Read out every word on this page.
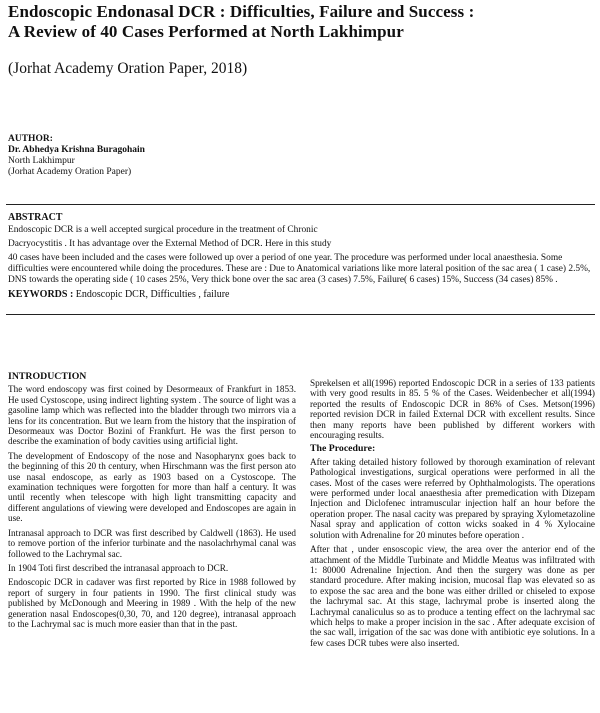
Endoscopic Endonasal DCR : Difficulties, Failure and Success :
A Review of 40 Cases Performed at North Lakhimpur
(Jorhat Academy Oration Paper, 2018)
AUTHOR:
Dr. Abhedya Krishna Buragohain
North Lakhimpur
(Jorhat Academy Oration Paper)
ABSTRACT

Endoscopic DCR is a well accepted surgical procedure in the treatment of Chronic

Dacryocystitis . It has advantage over the External Method of DCR. Here in this study

40 cases have been included and the cases were followed up over a period of one year. The procedure was performed under local anaesthesia. Some difficulties were encountered while doing the procedures. These are : Due to Anatomical variations like more lateral position of the sac area ( 1 case) 2.5%, DNS towards the operating side ( 10 cases 25%, Very thick bone over the sac area (3 cases) 7.5%, Failure( 6 cases) 15%, Success (34 cases) 85% .

KEYWORDS : Endoscopic DCR, Difficulties , failure
INTRODUCTION

The word endoscopy was first coined by Desormeaux of Frankfurt in 1853. He used Cystoscope, using indirect lighting system . The source of light was a gasoline lamp which was reflected into the bladder through two mirrors via a lens for its concentration. But we learn from the history that the inspiration of Desormeaux was Doctor Bozini of Frankfurt. He was the first person to describe the examination of body cavities using artificial light.

The development of Endoscopy of the nose and Nasopharynx goes back to the beginning of this 20 th century, when Hirschmann was the first person ato use nasal endoscope, as early as 1903 based on a Cystoscope. The examination techniques were forgotten for more than half a century. It was until recently when telescope with high light transmitting capacity and different angulations of viewing were developed and Endoscopes are again in use.

Intranasal approach to DCR was first described by Caldwell (1863). He used to remove portion of the inferior turbinate and the nasolachrhymal canal was followed to the Lachrymal sac.

In 1904 Toti first described the intranasal approach to DCR.

Endoscopic DCR in cadaver was first reported by Rice in 1988 followed by report of surgery in four patients in 1990. The first clinical study was published by McDonough and Meering in 1989 . With the help of the new generation nasal Endoscopes(0,30, 70, and 120 degree), intranasal approach to the Lachrymal sac is much more easier than that in the past.

Sprekelsen et all(1996) reported Endoscopic DCR in a series of 133 patients with very good results in 85. 5 % of the Cases. Weidenbecher et all(1994) reported the results of Endoscopic DCR in 86% of Cses. Metson(1996) reported revision DCR in failed External DCR with excellent results. Since then many reports have been published by different workers with encouraging results.

The Procedure:

After taking detailed history followed by thorough examination of relevant Pathological investigations, surgical operations were performed in all the cases. Most of the cases were referred by Ophthalmologists. The operations were performed under local anaesthesia after premedication with Dizepam Injection and Diclofenec intramuscular injection half an hour before the operation proper. The nasal cacity was prepared by spraying Xylometazoline Nasal spray and application of cotton wicks soaked in 4 % Xylocaine solution with Adrenaline for 20 minutes before operation .

After that , under ensoscopic view, the area over the anterior end of the attachment of the Middle Turbinate and Middle Meatus was infiltrated with 1: 80000 Adrenaline Injection. And then the surgery was done as per standard procedure. After making incision, mucosal flap was elevated so as to expose the sac area and the bone was either drilled or chiseled to expose the lachrymal sac. At this stage, lachrymal probe is inserted along the Lachrymal canaliculus so as to produce a tenting effect on the lachrymal sac which helps to make a proper incision in the sac . After adequate excision of the sac wall, irrigation of the sac was done with antibiotic eye solutions. In a few cases DCR tubes were also inserted.
